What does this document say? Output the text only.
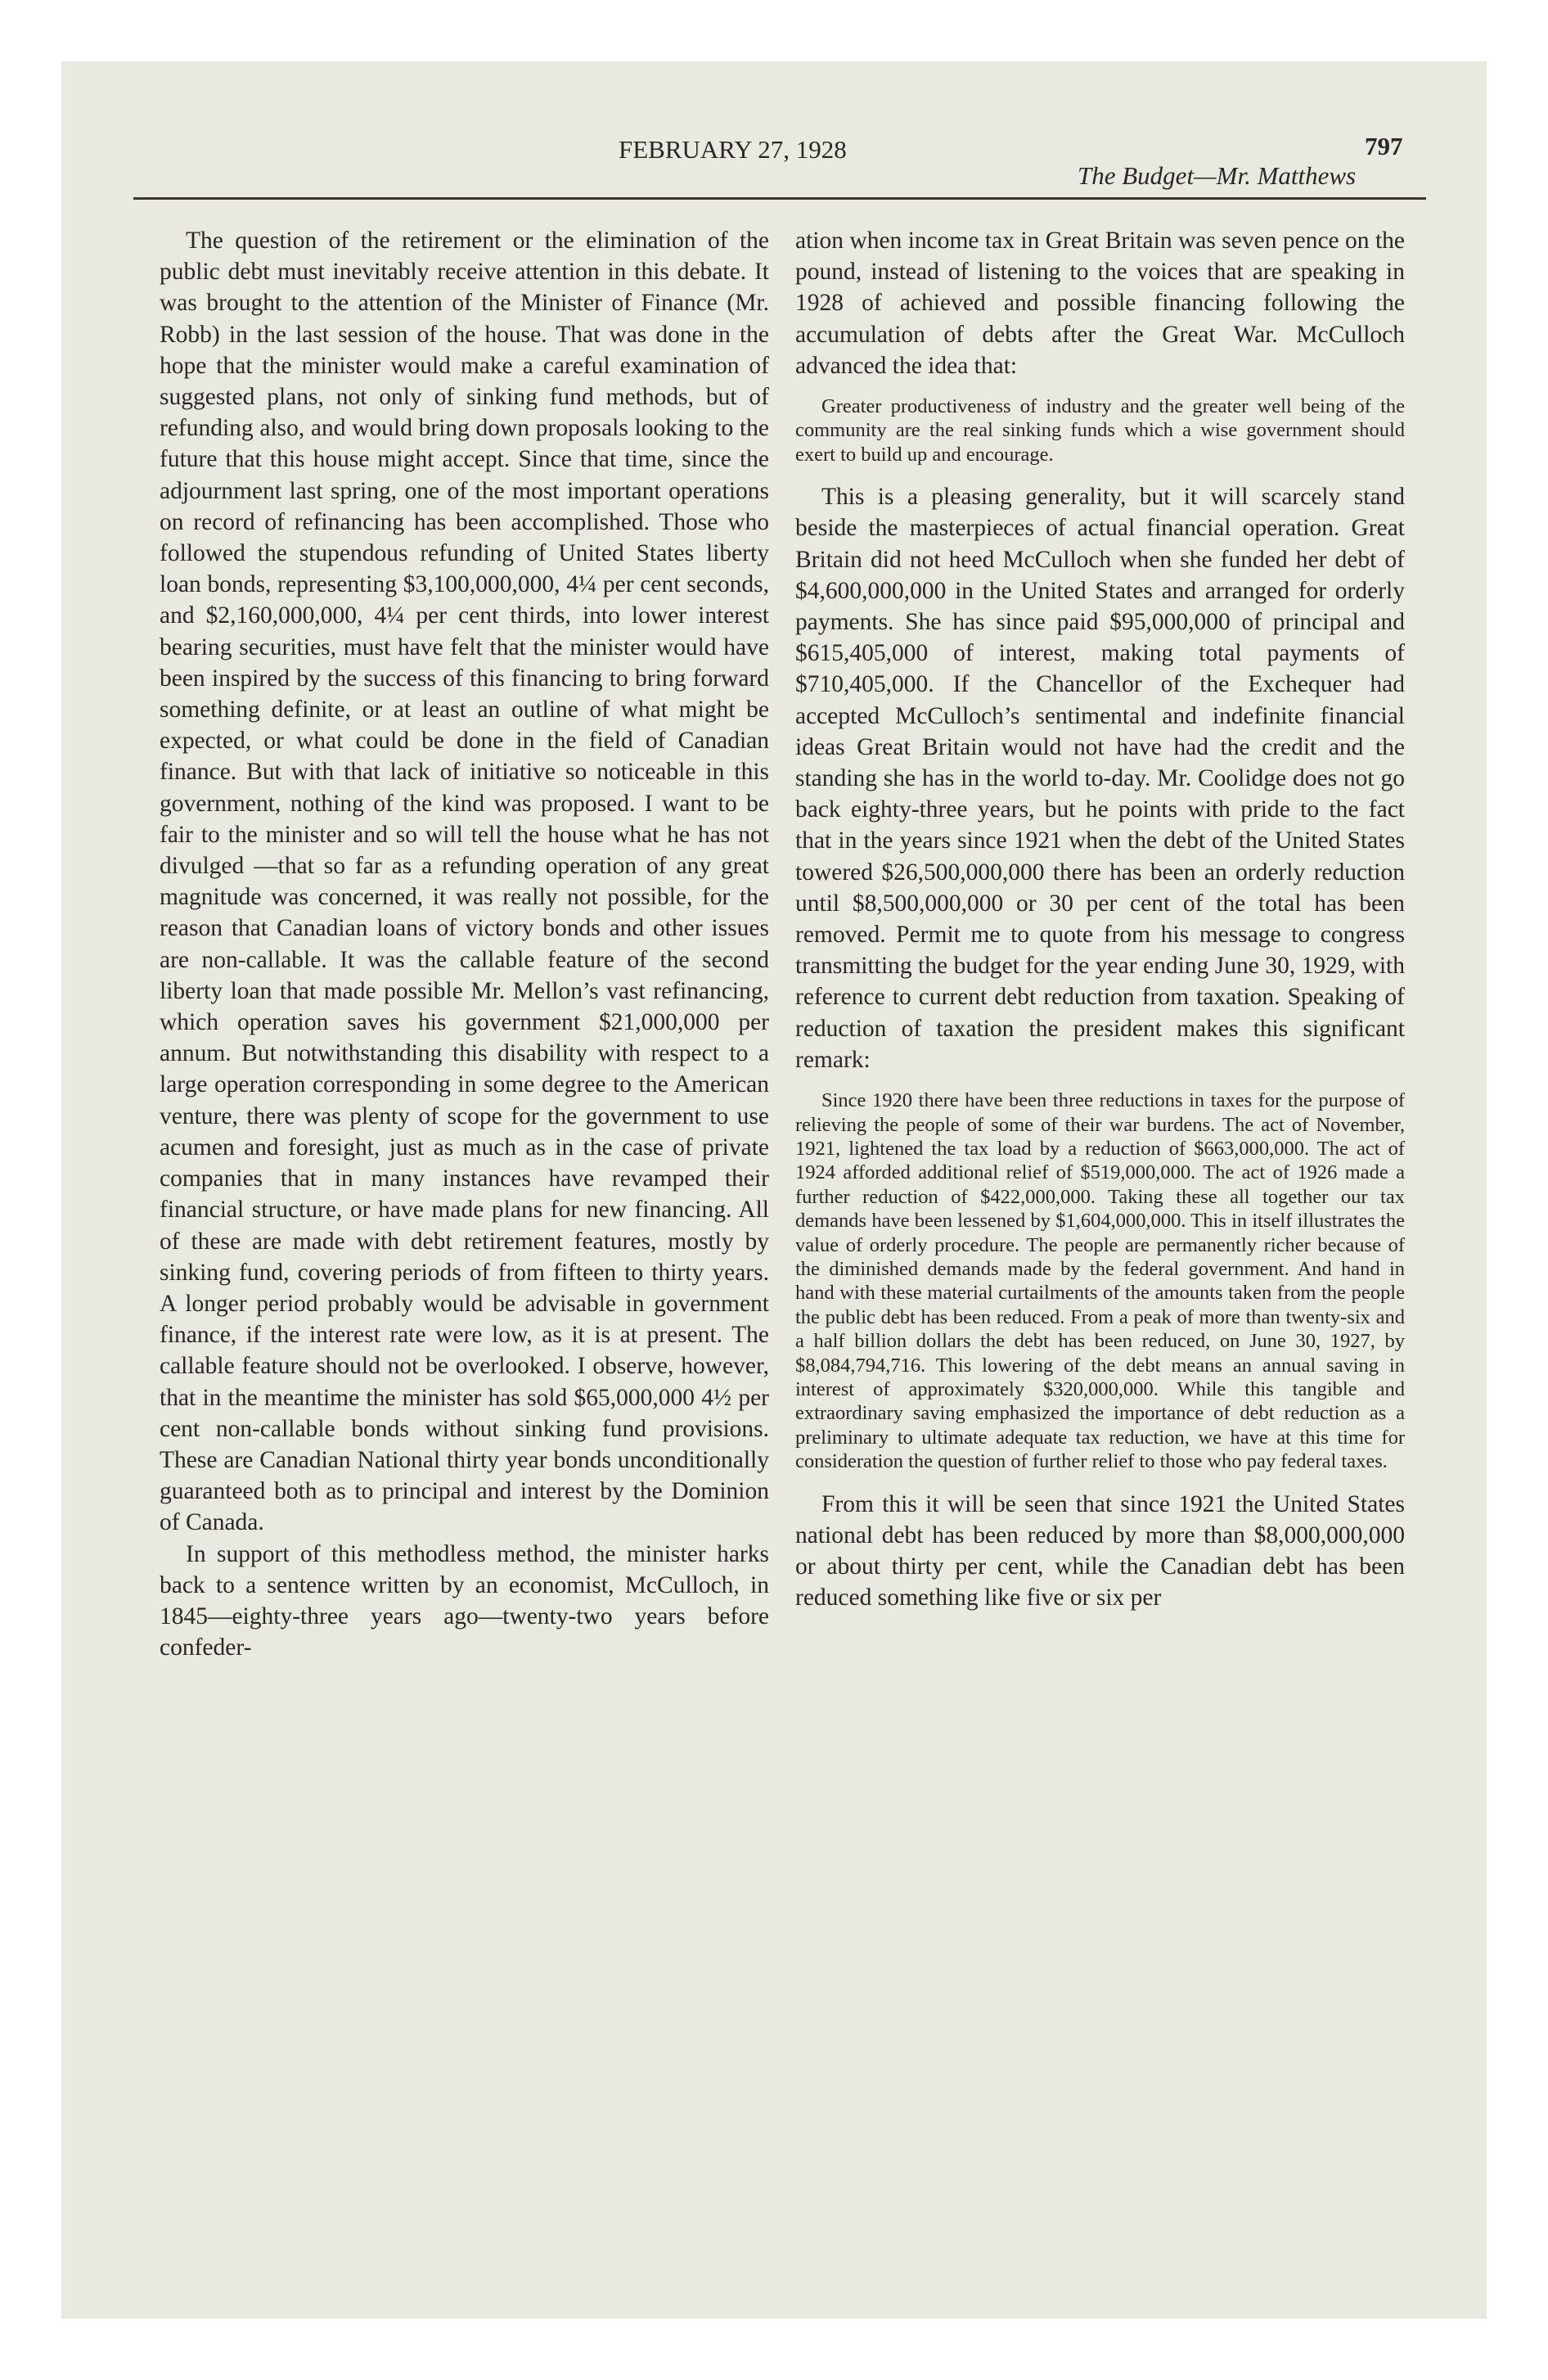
FEBRUARY 27, 1928	797
The Budget—Mr. Matthews

The question of the retirement or the elimination of the public debt must inevitably receive attention in this debate. It was brought to the attention of the Minister of Finance (Mr. Robb) in the last session of the house. That was done in the hope that the minister would make a careful examination of suggested plans, not only of sinking fund methods, but of refunding also, and would bring down proposals looking to the future that this house might accept. Since that time, since the adjournment last spring, one of the most important operations on record of refinancing has been accomplished. Those who followed the stupendous refunding of United States liberty loan bonds, representing $3,100,000,000, 4¼ per cent seconds, and $2,160,000,000, 4¼ per cent thirds, into lower interest bearing securities, must have felt that the minister would have been inspired by the success of this financing to bring forward something definite, or at least an outline of what might be expected, or what could be done in the field of Canadian finance. But with that lack of initiative so noticeable in this government, nothing of the kind was proposed. I want to be fair to the minister and so will tell the house what he has not divulged —that so far as a refunding operation of any great magnitude was concerned, it was really not possible, for the reason that Canadian loans of victory bonds and other issues are non-callable. It was the callable feature of the second liberty loan that made possible Mr. Mellon’s vast refinancing, which operation saves his government $21,000,000 per annum. But notwithstanding this disability with respect to a large operation corresponding in some degree to the American venture, there was plenty of scope for the government to use acumen and foresight, just as much as in the case of private companies that in many instances have revamped their financial structure, or have made plans for new financing. All of these are made with debt retirement features, mostly by sinking fund, covering periods of from fifteen to thirty years. A longer period probably would be advisable in government finance, if the interest rate were low, as it is at present. The callable feature should not be overlooked. I observe, however, that in the meantime the minister has sold $65,000,000 4½ per cent non-callable bonds without sinking fund provisions. These are Canadian National thirty year bonds unconditionally guaranteed both as to principal and interest by the Dominion of Canada.

In support of this methodless method, the minister harks back to a sentence written by an economist, McCulloch, in 1845—eighty-three years ago—twenty-two years before confeder-

ation when income tax in Great Britain was seven pence on the pound, instead of listening to the voices that are speaking in 1928 of achieved and possible financing following the accumulation of debts after the Great War. McCulloch advanced the idea that:

Greater productiveness of industry and the greater well being of the community are the real sinking funds which a wise government should exert to build up and encourage.

This is a pleasing generality, but it will scarcely stand beside the masterpieces of actual financial operation. Great Britain did not heed McCulloch when she funded her debt of $4,600,000,000 in the United States and arranged for orderly payments. She has since paid $95,000,000 of principal and $615,405,000 of interest, making total payments of $710,405,000. If the Chancellor of the Exchequer had accepted McCulloch’s sentimental and indefinite financial ideas Great Britain would not have had the credit and the standing she has in the world to-day. Mr. Coolidge does not go back eighty-three years, but he points with pride to the fact that in the years since 1921 when the debt of the United States towered $26,500,000,000 there has been an orderly reduction until $8,500,000,000 or 30 per cent of the total has been removed. Permit me to quote from his message to congress transmitting the budget for the year ending June 30, 1929, with reference to current debt reduction from taxation. Speaking of reduction of taxation the president makes this significant remark:

Since 1920 there have been three reductions in taxes for the purpose of relieving the people of some of their war burdens. The act of November, 1921, lightened the tax load by a reduction of $663,000,000. The act of 1924 afforded additional relief of $519,000,000. The act of 1926 made a further reduction of $422,000,000. Taking these all together our tax demands have been lessened by $1,604,000,000. This in itself illustrates the value of orderly procedure. The people are permanently richer because of the diminished demands made by the federal government. And hand in hand with these material curtailments of the amounts taken from the people the public debt has been reduced. From a peak of more than twenty-six and a half billion dollars the debt has been reduced, on June 30, 1927, by $8,084,794,716. This lowering of the debt means an annual saving in interest of approximately $320,000,000. While this tangible and extraordinary saving emphasized the importance of debt reduction as a preliminary to ultimate adequate tax reduction, we have at this time for consideration the question of further relief to those who pay federal taxes.

From this it will be seen that since 1921 the United States national debt has been reduced by more than $8,000,000,000 or about thirty per cent, while the Canadian debt has been reduced something like five or six per
